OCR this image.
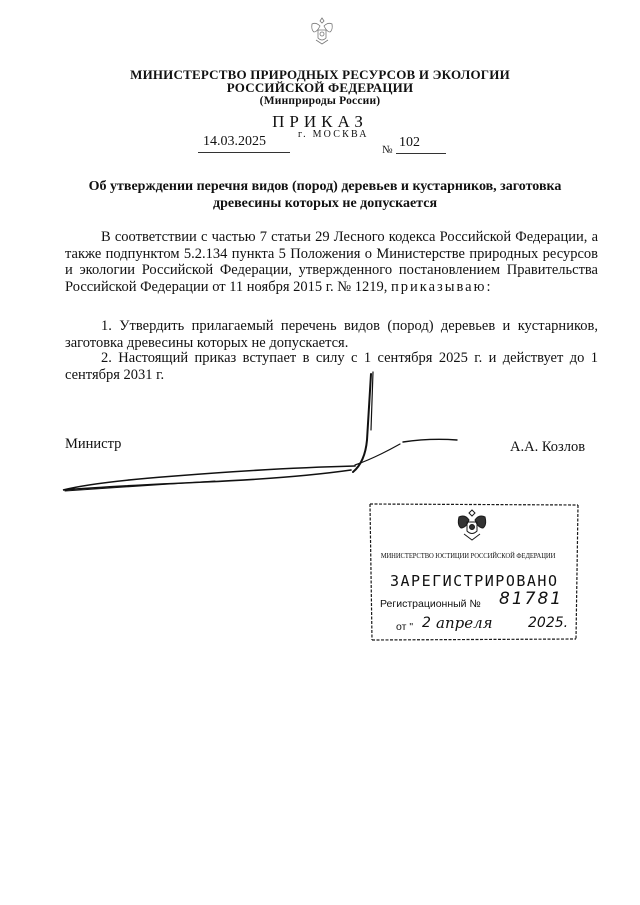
МИНИСТЕРСТВО ПРИРОДНЫХ РЕСУРСОВ И ЭКОЛОГИИ
РОССИЙСКОЙ ФЕДЕРАЦИИ
(Минприроды России)
ПРИКАЗ
14.03.2025	г. МОСКВА
№ 102
Об утверждении перечня видов (пород) деревьев и кустарников, заготовка древесины которых не допускается
В соответствии с частью 7 статьи 29 Лесного кодекса Российской Федерации, а также подпунктом 5.2.134 пункта 5 Положения о Министерстве природных ресурсов и экологии Российской Федерации, утвержденного постановлением Правительства Российской Федерации от 11 ноября 2015 г. № 1219, приказываю:
1. Утвердить прилагаемый перечень видов (пород) деревьев и кустарников, заготовка древесины которых не допускается.
2. Настоящий приказ вступает в силу с 1 сентября 2025 г. и действует до 1 сентября 2031 г.
Министр	А.А. Козлов
МИНИСТЕРСТВО ЮСТИЦИИ РОССИЙСКОЙ ФЕДЕРАЦИИ
ЗАРЕГИСТРИРОВАНО
Регистрационный № 81781
от " 2 апреля	2025.
